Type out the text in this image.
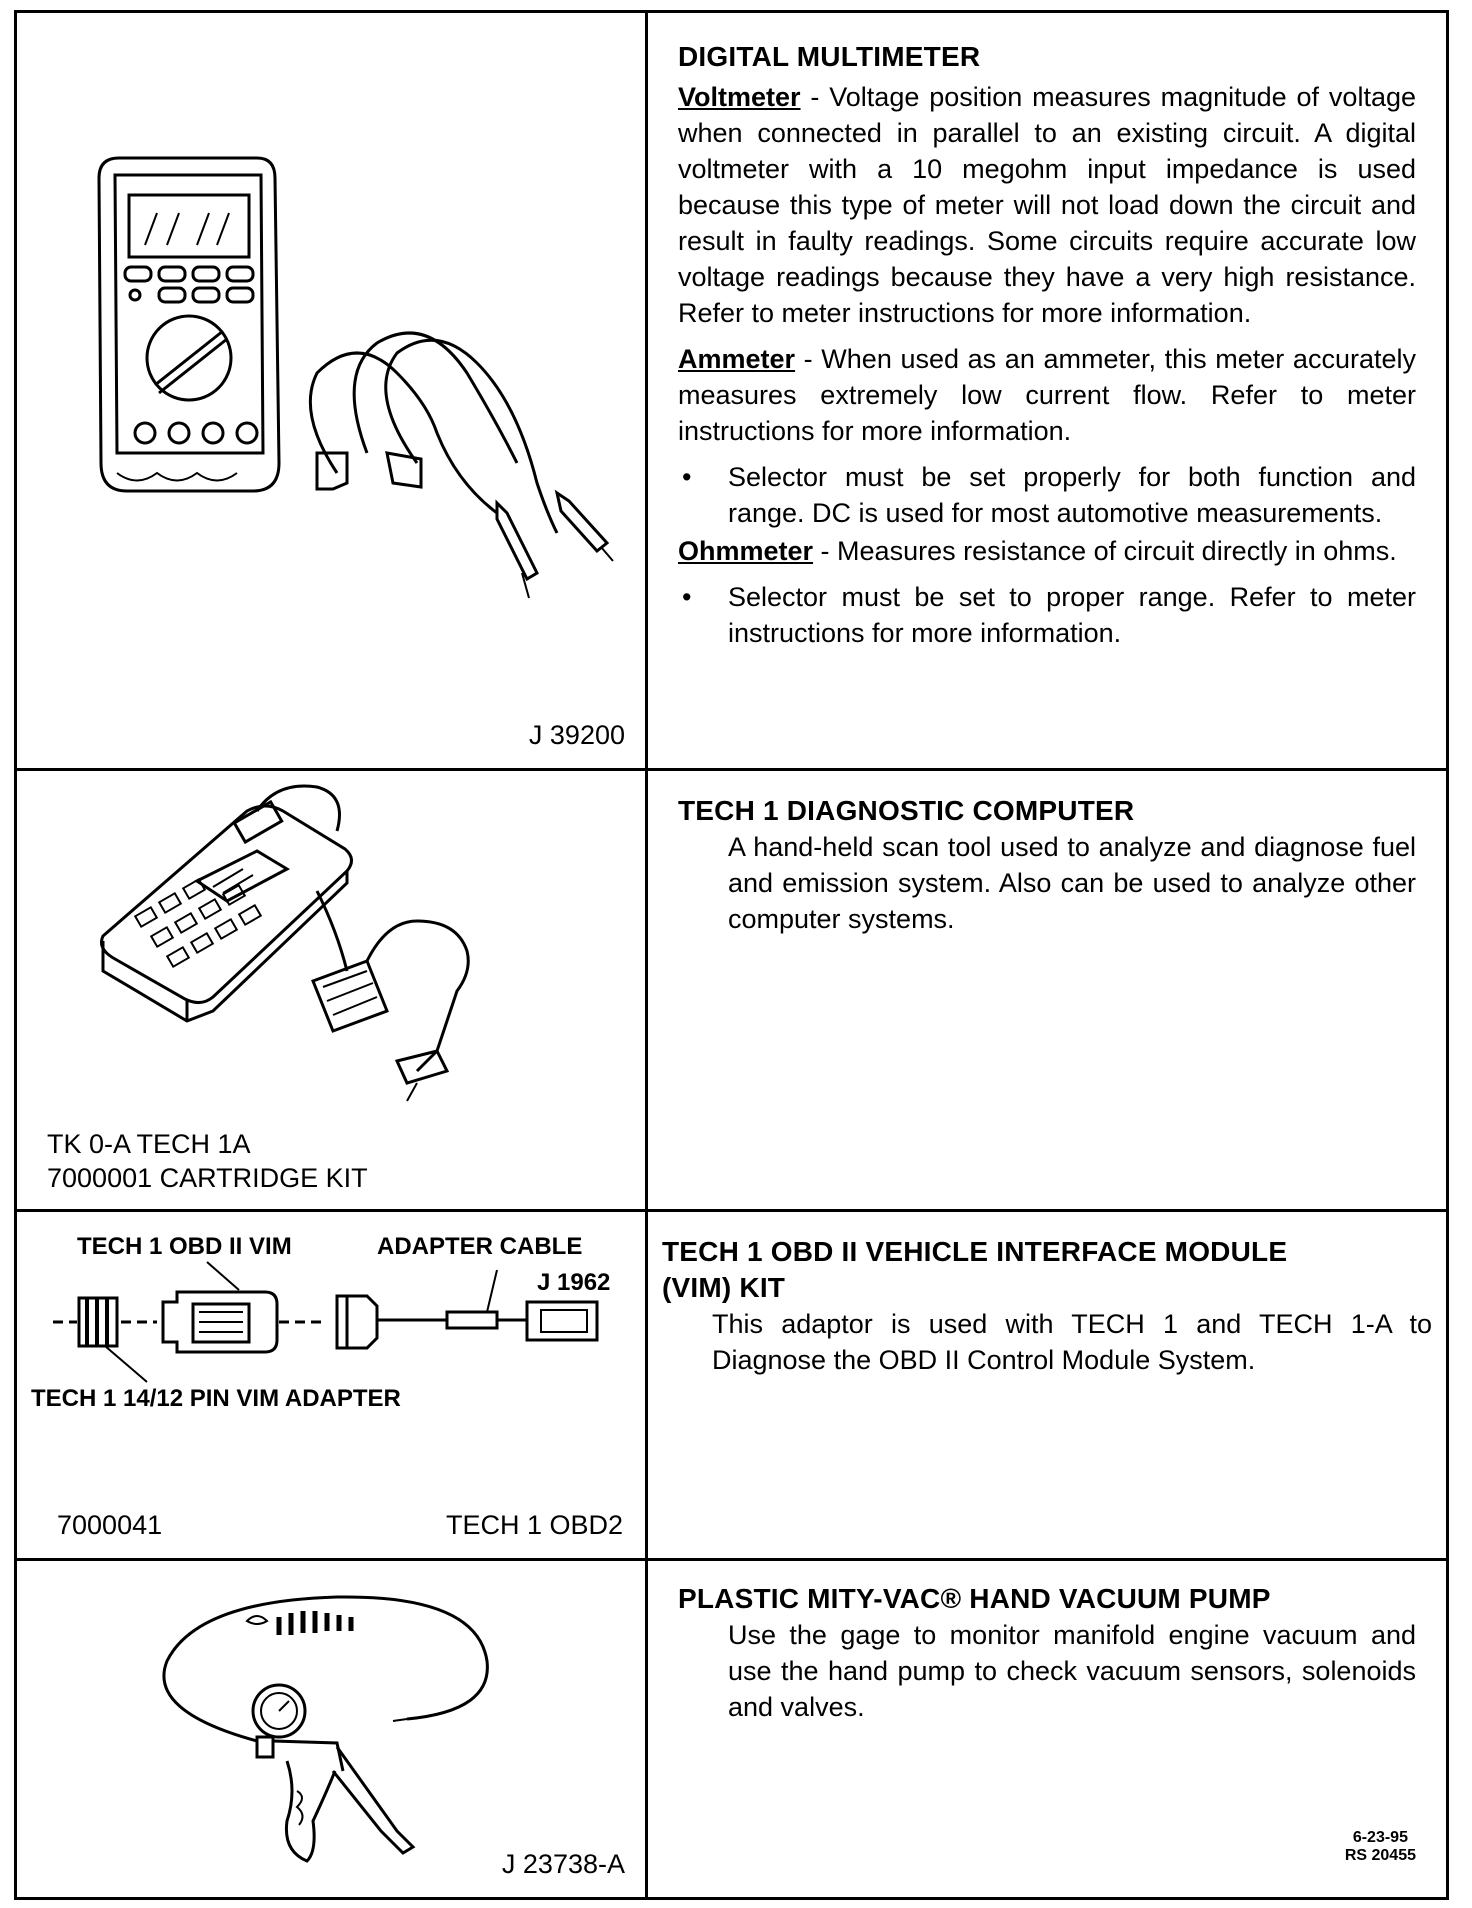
J 39200
DIGITAL MULTIMETER
Voltmeter - Voltage position measures magnitude of voltage when connected in parallel to an existing circuit. A digital voltmeter with a 10 megohm input impedance is used because this type of meter will not load down the circuit and result in faulty readings. Some circuits require accurate low voltage readings because they have a very high resistance. Refer to meter instructions for more information.
Ammeter - When used as an ammeter, this meter accurately measures extremely low current flow. Refer to meter instructions for more information.
• Selector must be set properly for both function and range. DC is used for most automotive measurements.
Ohmmeter - Measures resistance of circuit directly in ohms.
• Selector must be set to proper range. Refer to meter instructions for more information.
TK 0-A TECH 1A
7000001 CARTRIDGE KIT
TECH 1 DIAGNOSTIC COMPUTER
A hand-held scan tool used to analyze and diagnose fuel and emission system. Also can be used to analyze other computer systems.
TECH 1 OBD II VIM	ADAPTER CABLE
J 1962
TECH 1 14/12 PIN VIM ADAPTER
7000041	TECH 1 OBD2
TECH 1 OBD II VEHICLE INTERFACE MODULE
(VIM) KIT
This adaptor is used with TECH 1 and TECH 1-A to Diagnose the OBD II Control Module System.
J 23738-A
PLASTIC MITY-VAC® HAND VACUUM PUMP
Use the gage to monitor manifold engine vacuum and use the hand pump to check vacuum sensors, solenoids and valves.
6-23-95
RS 20455
